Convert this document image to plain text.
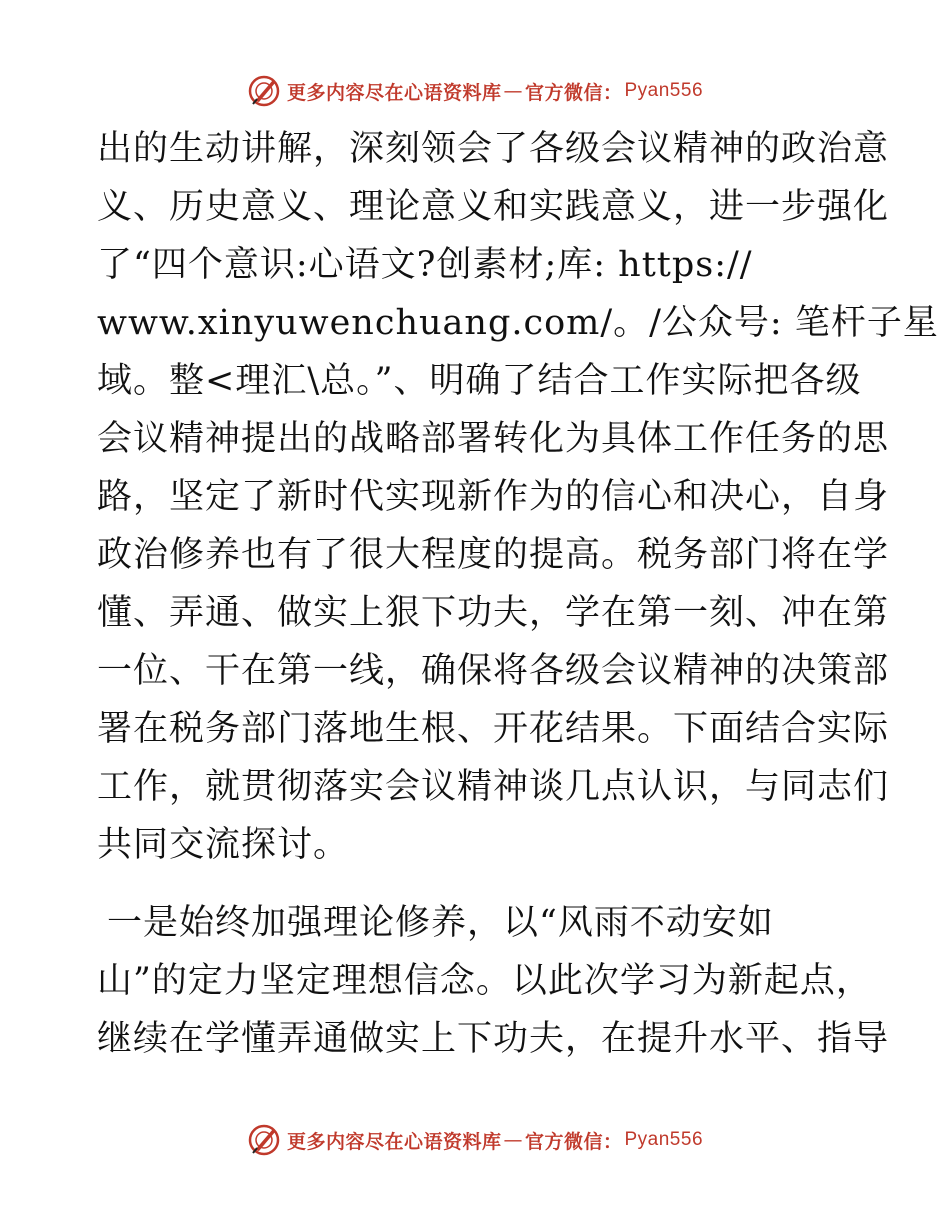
更多内容尽在心语资料库 — 官方微信： Pyan556
出的生动讲解，深刻领会了各级会议精神的政治意
义、历史意义、理论意义和实践意义，进一步强化
了“四个意识:心语文?创素材;库: https://
www.xinyuwenchuang.com/。/公众号: 笔杆子星
域。整<理汇\总。”、明确了结合工作实际把各级
会议精神提出的战略部署转化为具体工作任务的思
路，坚定了新时代实现新作为的信心和决心，自身
政治修养也有了很大程度的提高。税务部门将在学
懂、弄通、做实上狠下功夫，学在第一刻、冲在第
一位、干在第一线，确保将各级会议精神的决策部
署在税务部门落地生根、开花结果。下面结合实际
工作，就贯彻落实会议精神谈几点认识，与同志们
共同交流探讨。
一是始终加强理论修养，以“风雨不动安如
山”的定力坚定理想信念。以此次学习为新起点，
继续在学懂弄通做实上下功夫，在提升水平、指导
更多内容尽在心语资料库 — 官方微信： Pyan556
